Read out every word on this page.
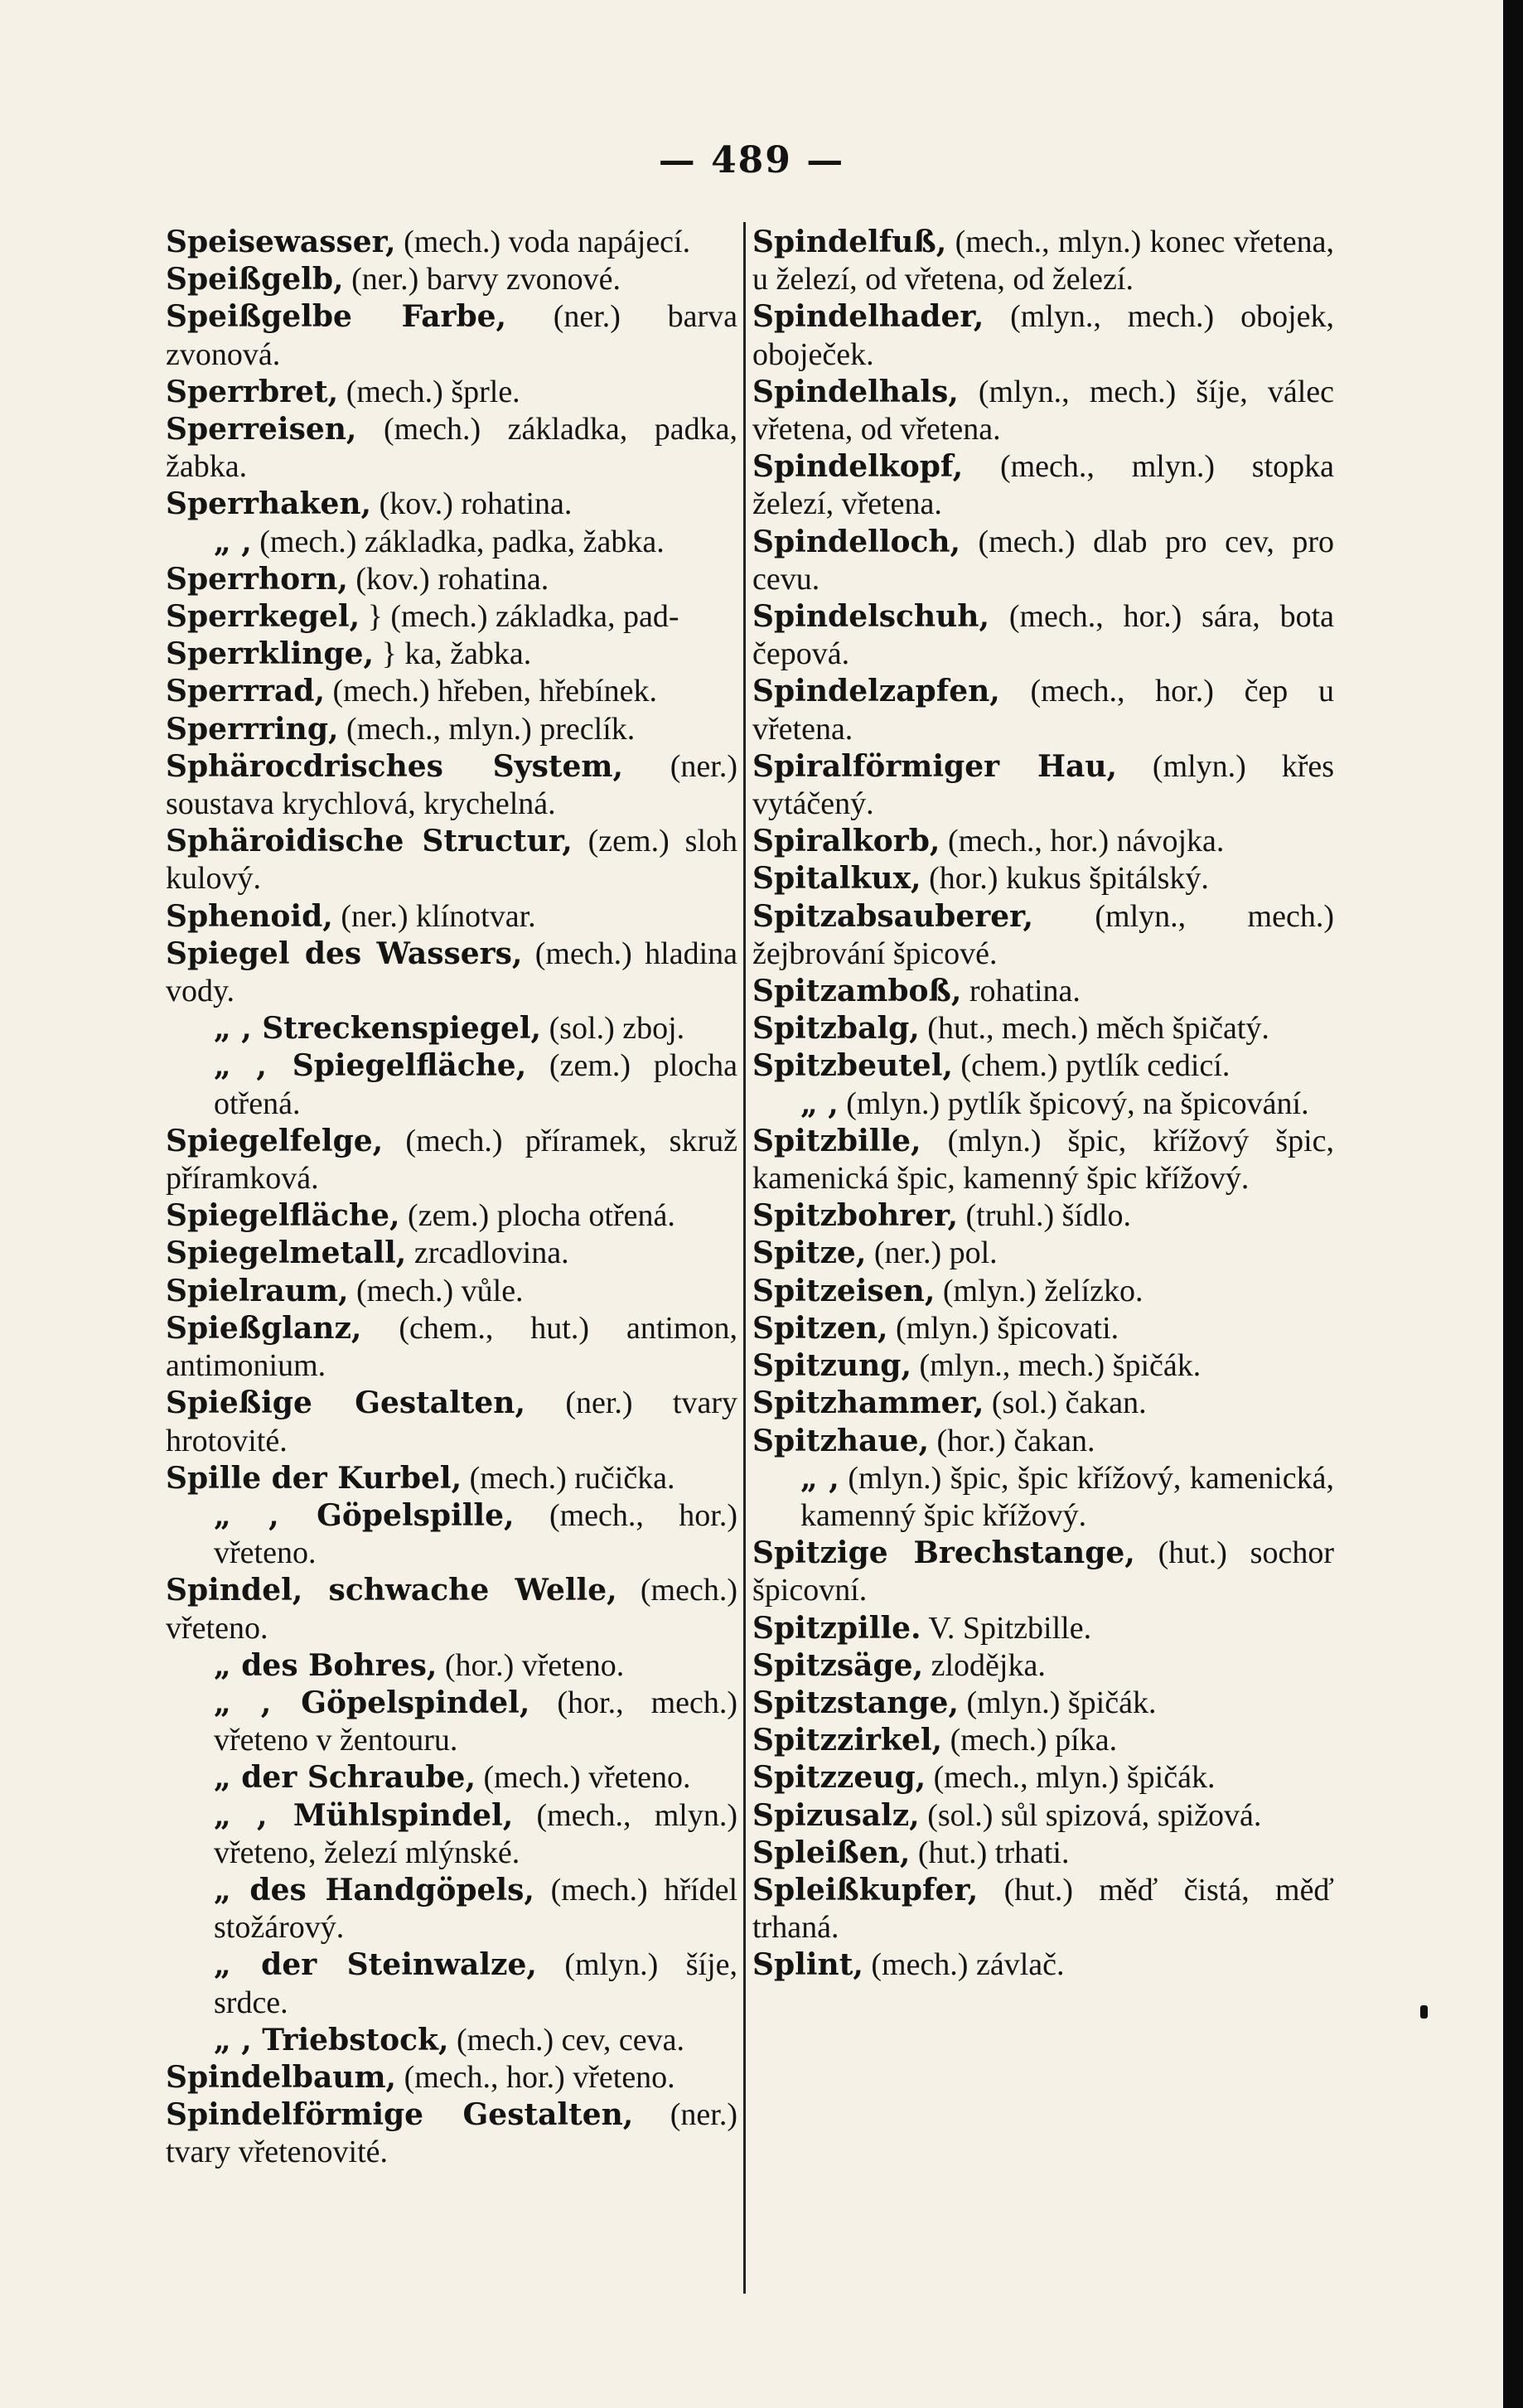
— 489 —

Speisewasser, (mech.) voda napájecí.

Speißgelb, (ner.) barvy zvonové.

Speißgelbe Farbe, (ner.) barva zvonová.

Sperrbret, (mech.) šprle.

Sperreisen, (mech.) základka, padka, žabka.

Sperrhaken, (kov.) rohatina.

„ , (mech.) základka, padka, žabka.

Sperrhorn, (kov.) rohatina.

Sperrkegel, } (mech.) základka, pad-

Sperrklinge, } ka, žabka.

Sperrrad, (mech.) hřeben, hřebínek.

Sperrring, (mech., mlyn.) preclík.

Sphärocdrisches System, (ner.) soustava krychlová, krychelná.

Sphäroidische Structur, (zem.) sloh kulový.

Sphenoid, (ner.) klínotvar.

Spiegel des Wassers, (mech.) hladina vody.

„ , Streckenspiegel, (sol.) zboj.

„ , Spiegelfläche, (zem.) plocha otřená.

Spiegelfelge, (mech.) příramek, skruž příramková.

Spiegelfläche, (zem.) plocha otřená.

Spiegelmetall, zrcadlovina.

Spielraum, (mech.) vůle.

Spießglanz, (chem., hut.) antimon, antimonium.

Spießige Gestalten, (ner.) tvary hrotovité.

Spille der Kurbel, (mech.) ručička.

„ , Göpelspille, (mech., hor.) vřeteno.

Spindel, schwache Welle, (mech.) vřeteno.

„ des Bohres, (hor.) vřeteno.

„ , Göpelspindel, (hor., mech.) vřeteno v žentouru.

„ der Schraube, (mech.) vřeteno.

„ , Mühlspindel, (mech., mlyn.) vřeteno, železí mlýnské.

„ des Handgöpels, (mech.) hřídel stožárový.

„ der Steinwalze, (mlyn.) šíje, srdce.

„ , Triebstock, (mech.) cev, ceva.

Spindelbaum, (mech., hor.) vřeteno.

Spindelförmige Gestalten, (ner.) tvary vřetenovité.

Spindelfuß, (mech., mlyn.) konec vřetena, u železí, od vřetena, od železí.

Spindelhader, (mlyn., mech.) obojek, oboječek.

Spindelhals, (mlyn., mech.) šíje, válec vřetena, od vřetena.

Spindelkopf, (mech., mlyn.) stopka železí, vřetena.

Spindelloch, (mech.) dlab pro cev, pro cevu.

Spindelschuh, (mech., hor.) sára, bota čepová.

Spindelzapfen, (mech., hor.) čep u vřetena.

Spiralförmiger Hau, (mlyn.) křes vytáčený.

Spiralkorb, (mech., hor.) návojka.

Spitalkux, (hor.) kukus špitálský.

Spitzabsauberer, (mlyn., mech.) žejbrování špicové.

Spitzamboß, rohatina.

Spitzbalg, (hut., mech.) měch špičatý.

Spitzbeutel, (chem.) pytlík cedicí.

„ , (mlyn.) pytlík špicový, na špicování.

Spitzbille, (mlyn.) špic, křížový špic, kamenická špic, kamenný špic křížový.

Spitzbohrer, (truhl.) šídlo.

Spitze, (ner.) pol.

Spitzeisen, (mlyn.) želízko.

Spitzen, (mlyn.) špicovati.

Spitzung, (mlyn., mech.) špičák.

Spitzhammer, (sol.) čakan.

Spitzhaue, (hor.) čakan.

„ , (mlyn.) špic, špic křížový, kamenická, kamenný špic křížový.

Spitzige Brechstange, (hut.) sochor špicovní.

Spitzpille. V. Spitzbille.

Spitzsäge, zlodějka.

Spitzstange, (mlyn.) špičák.

Spitzzirkel, (mech.) píka.

Spitzzeug, (mech., mlyn.) špičák.

Spizusalz, (sol.) sůl spizová, spižová.

Spleißen, (hut.) trhati.

Spleißkupfer, (hut.) měď čistá, měď trhaná.

Splint, (mech.) závlač.
